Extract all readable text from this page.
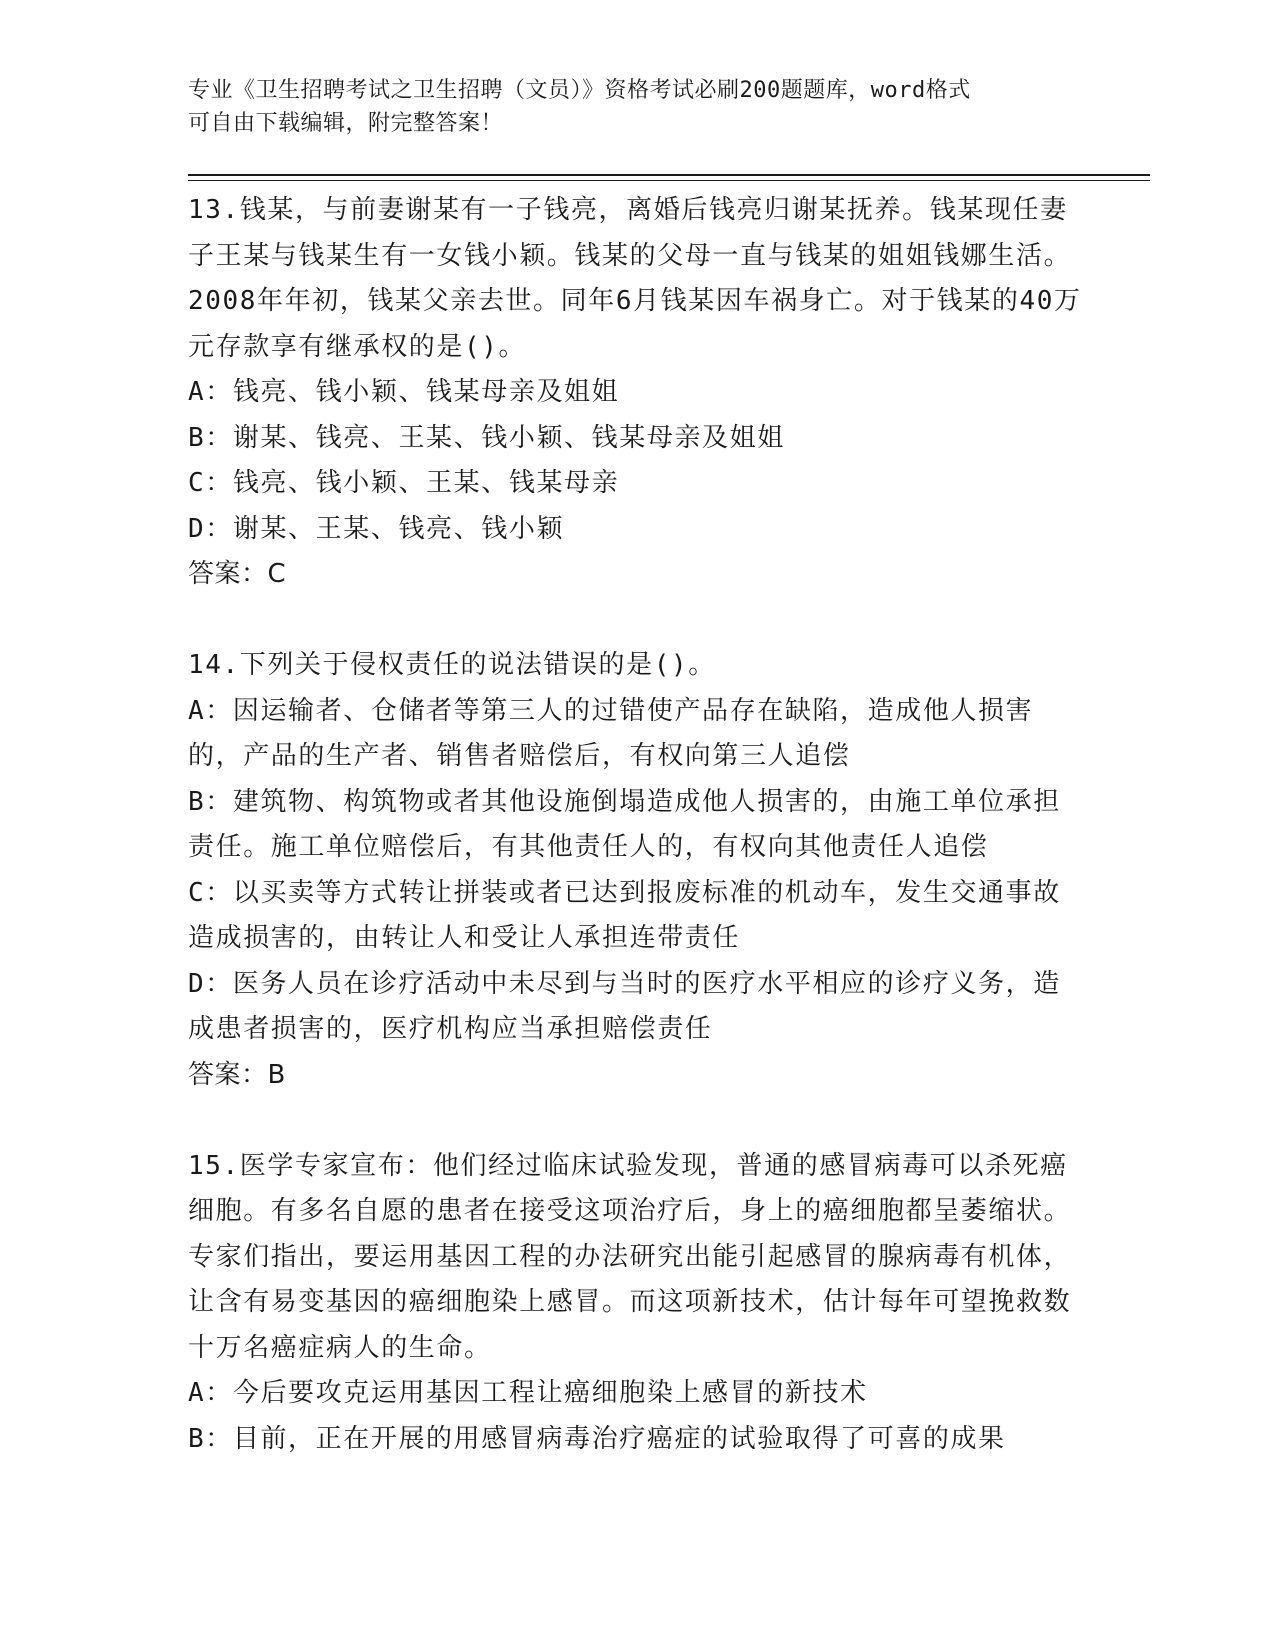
专业《卫生招聘考试之卫生招聘（文员）》资格考试必刷200题题库，word格式
可自由下载编辑，附完整答案！
13.钱某，与前妻谢某有一子钱亮，离婚后钱亮归谢某抚养。钱某现任妻子王某与钱某生有一女钱小颖。钱某的父母一直与钱某的姐姐钱娜生活。2008年年初，钱某父亲去世。同年6月钱某因车祸身亡。对于钱某的40万元存款享有继承权的是()。
A：钱亮、钱小颖、钱某母亲及姐姐
B：谢某、钱亮、王某、钱小颖、钱某母亲及姐姐
C：钱亮、钱小颖、王某、钱某母亲
D：谢某、王某、钱亮、钱小颖
答案：C
14.下列关于侵权责任的说法错误的是()。
A：因运输者、仓储者等第三人的过错使产品存在缺陷，造成他人损害的，产品的生产者、销售者赔偿后，有权向第三人追偿
B：建筑物、构筑物或者其他设施倒塌造成他人损害的，由施工单位承担责任。施工单位赔偿后，有其他责任人的，有权向其他责任人追偿
C：以买卖等方式转让拼装或者已达到报废标准的机动车，发生交通事故造成损害的，由转让人和受让人承担连带责任
D：医务人员在诊疗活动中未尽到与当时的医疗水平相应的诊疗义务，造成患者损害的，医疗机构应当承担赔偿责任
答案：B
15.医学专家宣布：他们经过临床试验发现，普通的感冒病毒可以杀死癌细胞。有多名自愿的患者在接受这项治疗后，身上的癌细胞都呈萎缩状。专家们指出，要运用基因工程的办法研究出能引起感冒的腺病毒有机体，让含有易变基因的癌细胞染上感冒。而这项新技术，估计每年可望挽救数十万名癌症病人的生命。
A：今后要攻克运用基因工程让癌细胞染上感冒的新技术
B：目前，正在开展的用感冒病毒治疗癌症的试验取得了可喜的成果
